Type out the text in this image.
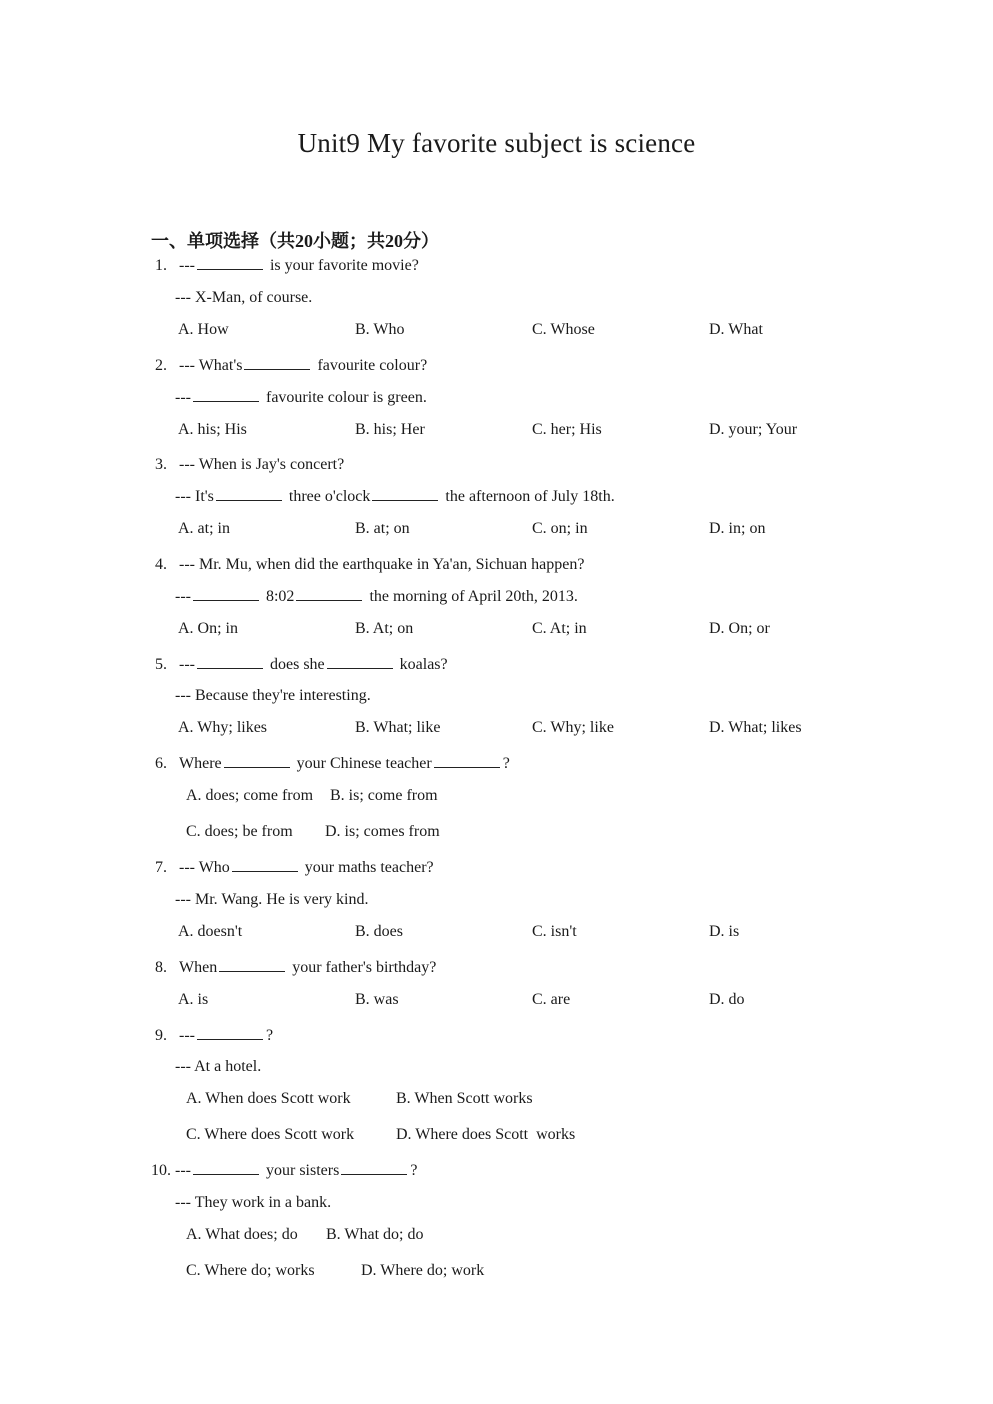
Unit9 My favorite subject is science
一、单项选择（共20小题；共20分）
1. ---	is your favorite movie?
--- X-Man, of course.
A. How	B. Who	C. Whose	D. What
2. --- What's	favourite colour?
---	favourite colour is green.
A. his; His	B. his; Her	C. her; His	D. your; Your
3. --- When is Jay's concert?
--- It's	three o'clock	the afternoon of July 18th.
A. at; in	B. at; on	C. on; in	D. in; on
4. --- Mr. Mu, when did the earthquake in Ya'an, Sichuan happen?
---	8:02	the morning of April 20th, 2013.
A. On; in	B. At; on	C. At; in	D. On; or
5. ---	does she	koalas?
--- Because they're interesting.
A. Why; likes	B. What; like	C. Why; like	D. What; likes
6. Where	your Chinese teacher	?
A. does; come from B. is; come from
C. does; be from D. is; comes from
7. --- Who	your maths teacher?
--- Mr. Wang. He is very kind.
A. doesn't	B. does	C. isn't	D. is
8. When	your father's birthday?
A. is	B. was	C. are	D. do
9. ---	?
--- At a hotel.
A. When does Scott work	B. When Scott works
C. Where does Scott work	D. Where does Scott  works
10. ---	your sisters	?
--- They work in a bank.
A. What does; do B. What do; do
C. Where do; works	D. Where do; work
